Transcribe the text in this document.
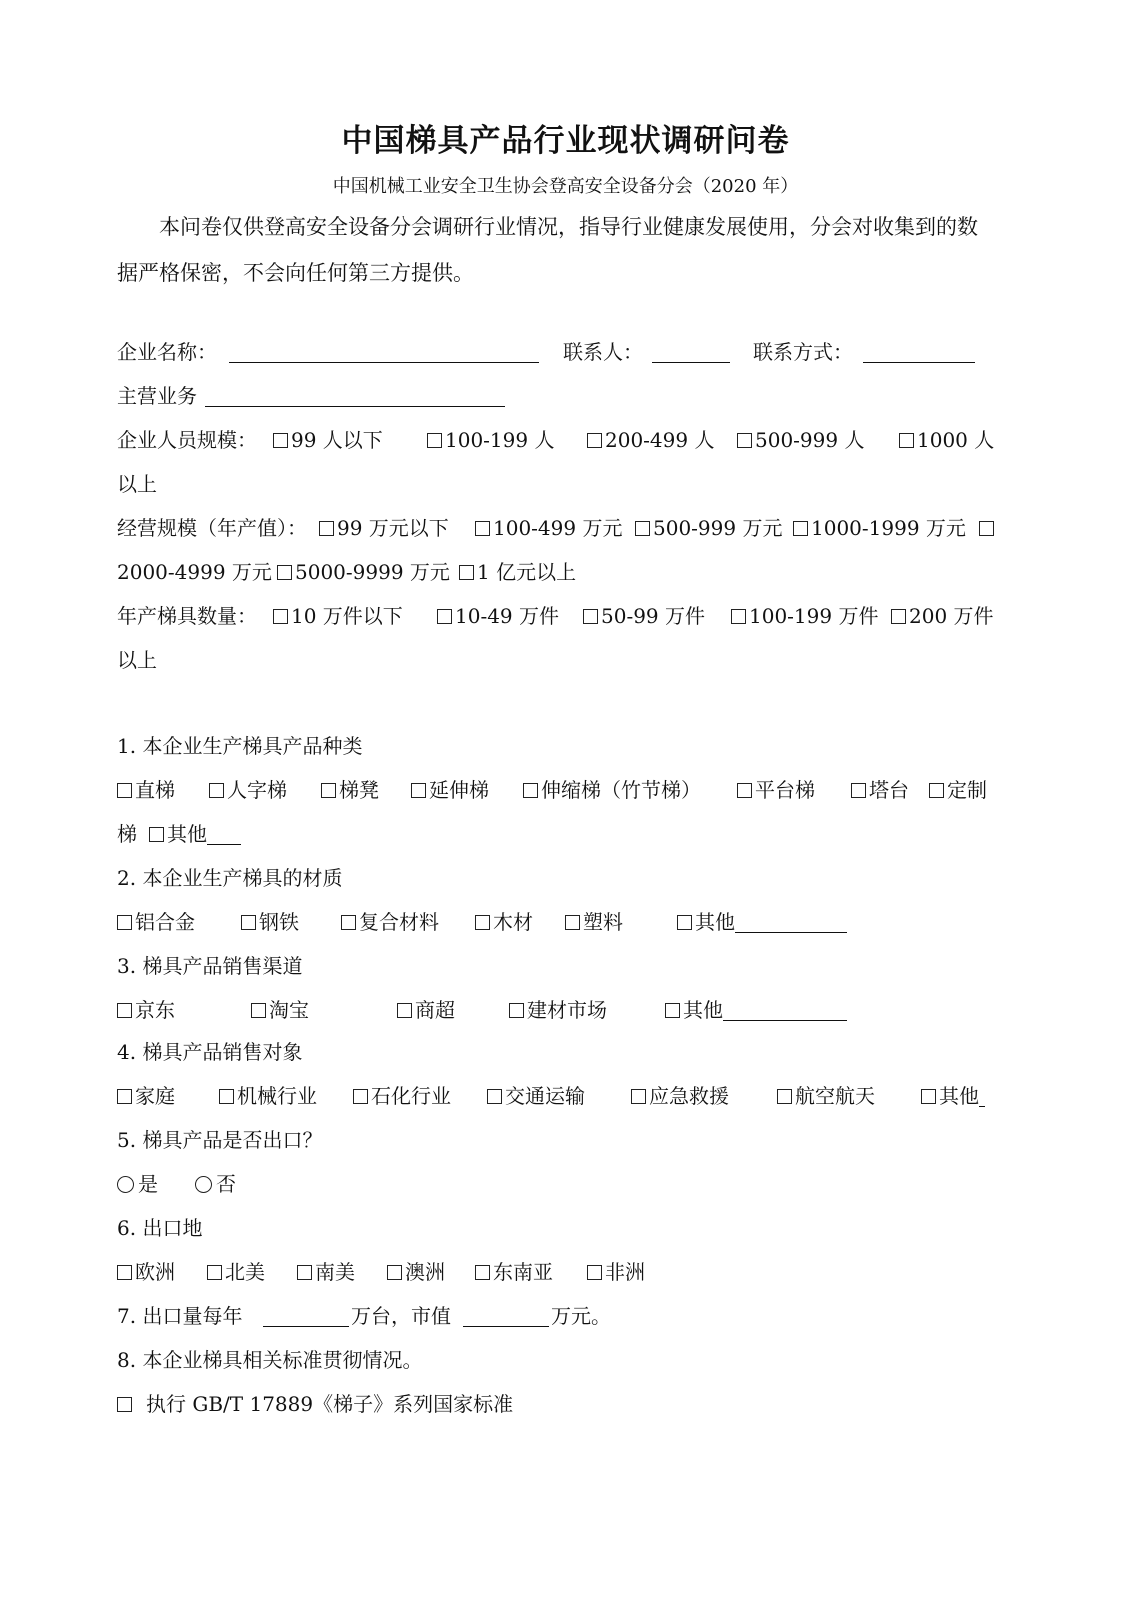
中国梯具产品行业现状调研问卷
中国机械工业安全卫生协会登高安全设备分会（2020 年）

本问卷仅供登高安全设备分会调研行业情况，指导行业健康发展使用，分会对收集到的数据严格保密，不会向任何第三方提供。

企业名称：	联系人：	联系方式：
主营业务
企业人员规模：	99 人以下	100-199 人	200-499 人	500-999 人	1000 人
以上
经营规模（年产值）：	99 万元以下	100-499 万元	500-999 万元	1000-1999 万元
2000-4999 万元	5000-9999 万元	1 亿元以上
年产梯具数量：	10 万件以下	10-49 万件	50-99 万件	100-199 万件	200 万件
以上
1. 本企业生产梯具产品种类
直梯	人字梯	梯凳	延伸梯	伸缩梯（竹节梯）	平台梯	塔台	定制
梯	其他
2. 本企业生产梯具的材质
铝合金	钢铁	复合材料	木材	塑料	其他
3. 梯具产品销售渠道
京东	淘宝	商超	建材市场	其他
4. 梯具产品销售对象
家庭	机械行业	石化行业	交通运输	应急救援	航空航天	其他
5. 梯具产品是否出口？
是	否
6. 出口地
欧洲	北美	南美	澳洲	东南亚	非洲
7. 出口量每年	万台，市值	万元。
8. 本企业梯具相关标准贯彻情况。
执行 GB/T 17889《梯子》系列国家标准
